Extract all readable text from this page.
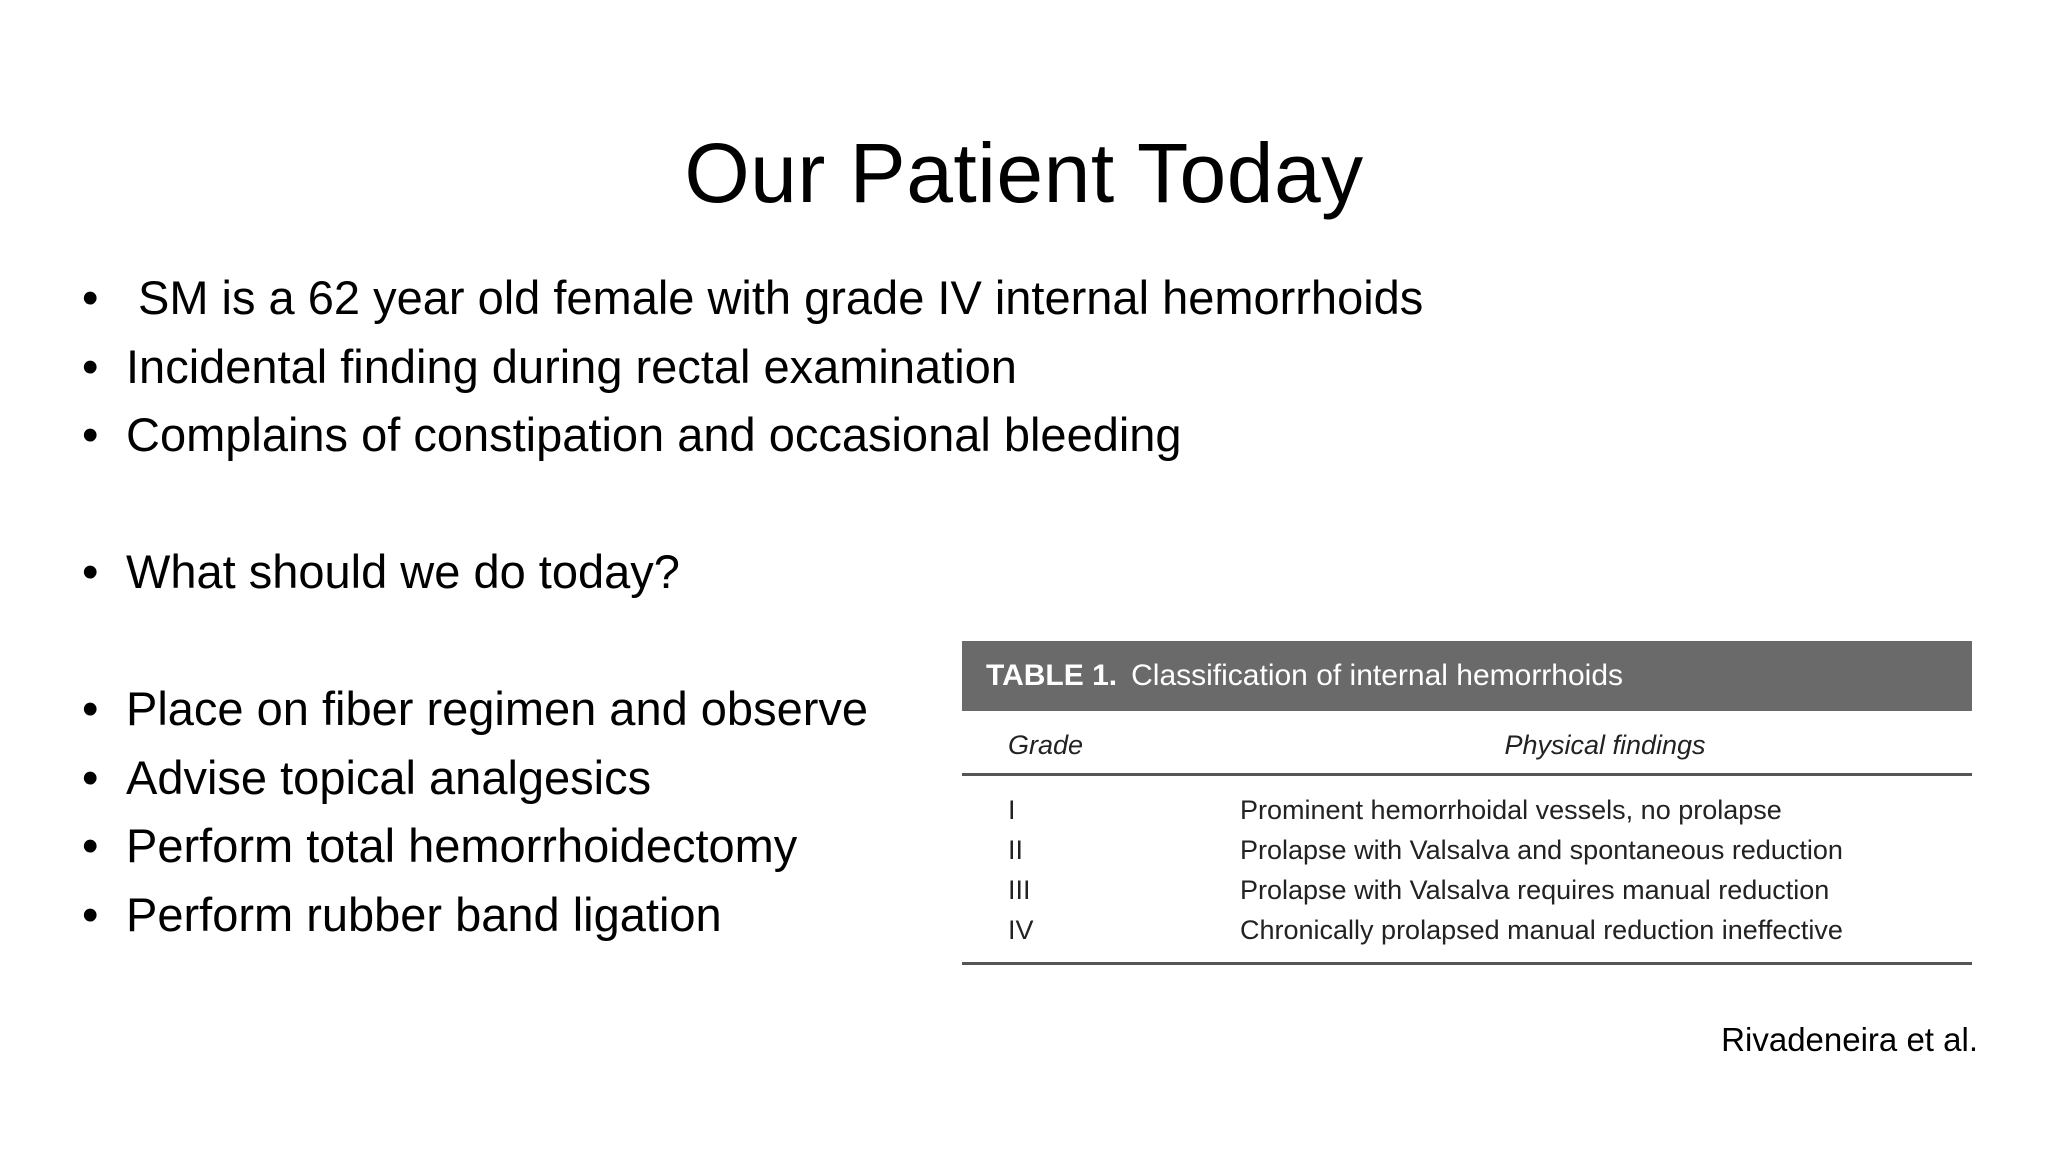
Our Patient Today
• SM is a 62 year old female with grade IV internal hemorrhoids
• Incidental finding during rectal examination
• Complains of constipation and occasional bleeding
• What should we do today?
• Place on fiber regimen and observe
• Advise topical analgesics
• Perform total hemorrhoidectomy
• Perform rubber band ligation
TABLE 1. Classification of internal hemorrhoids
Grade	Physical findings
I	Prominent hemorrhoidal vessels, no prolapse
II	Prolapse with Valsalva and spontaneous reduction
III	Prolapse with Valsalva requires manual reduction
IV	Chronically prolapsed manual reduction ineffective
Rivadeneira et al.
